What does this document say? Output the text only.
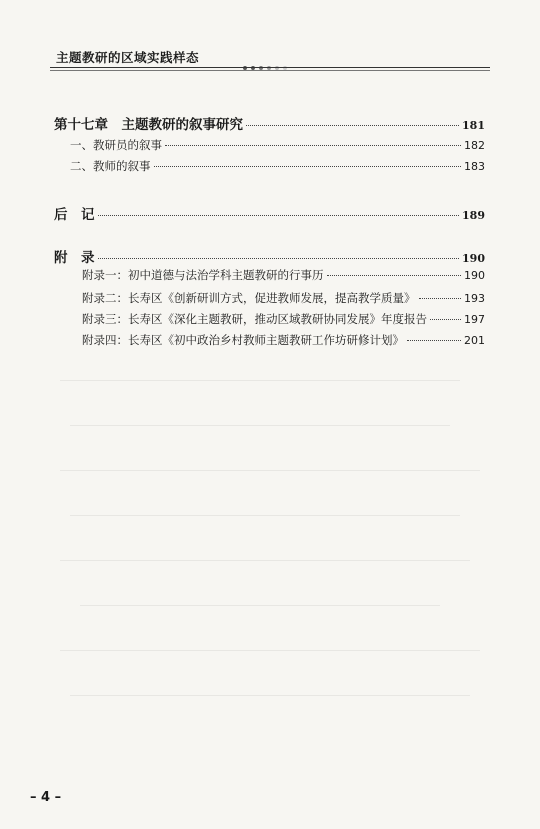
主题教研的区域实践样态
第十七章　主题教研的叙事研究	181
一、教研员的叙事	182
二、教师的叙事	183
后　记	189
附　录	190
附录一：初中道德与法治学科主题教研的行事历	190
附录二：长寿区《创新研训方式，促进教师发展，提高教学质量》	193
附录三：长寿区《深化主题教研，推动区域教研协同发展》年度报告	197
附录四：长寿区《初中政治乡村教师主题教研工作坊研修计划》	201
– 4 –
